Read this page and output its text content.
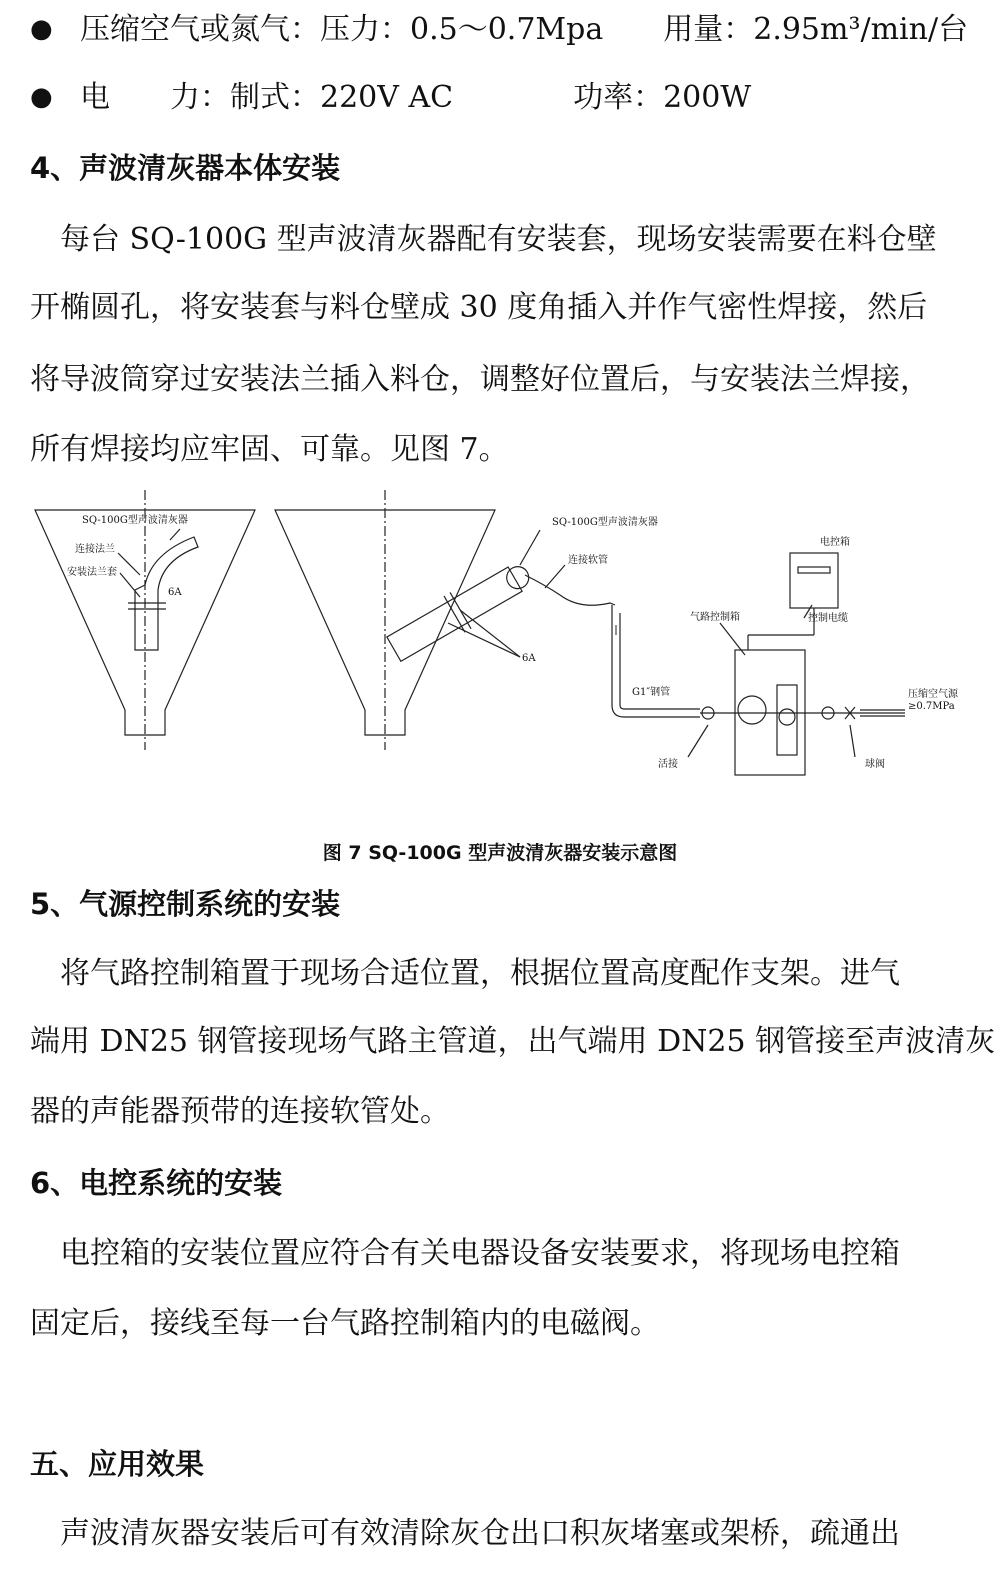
● 压缩空气或氮气：压力：0.5～0.7Mpa　　用量：2.95m³/min/台
● 电　　力：制式：220V AC　　　　功率：200W
4、声波清灰器本体安装
　每台 SQ-100G 型声波清灰器配有安装套，现场安装需要在料仓壁
开椭圆孔，将安装套与料仓壁成 30 度角插入并作气密性焊接，然后
将导波筒穿过安装法兰插入料仓，调整好位置后，与安装法兰焊接，
所有焊接均应牢固、可靠。见图 7。
SQ-100G型声波清灰器
连接法兰
安装法兰套
6A
SQ-100G型声波清灰器
连接软管
6A
电控箱
气路控制箱	控制电缆
G1″钢管
活接	球阀
压缩空气源
≥0.7MPa
图 7 SQ-100G 型声波清灰器安装示意图
5、气源控制系统的安装
　将气路控制箱置于现场合适位置，根据位置高度配作支架。进气
端用 DN25 钢管接现场气路主管道，出气端用 DN25 钢管接至声波清灰
器的声能器预带的连接软管处。
6、电控系统的安装
　电控箱的安装位置应符合有关电器设备安装要求，将现场电控箱
固定后，接线至每一台气路控制箱内的电磁阀。
五、应用效果
　声波清灰器安装后可有效清除灰仓出口积灰堵塞或架桥，疏通出
